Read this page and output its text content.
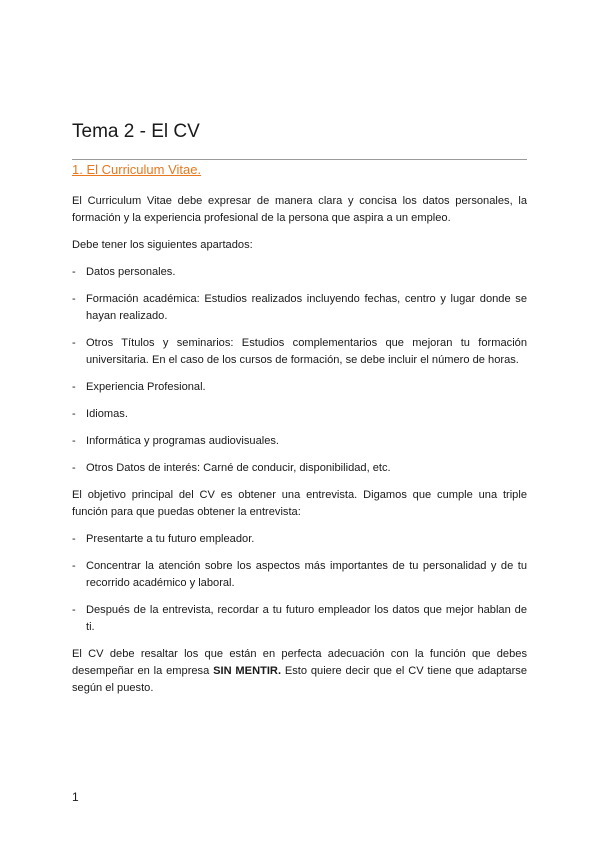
Tema 2 - El CV
1. El Curriculum Vitae.

El Curriculum Vitae debe expresar de manera clara y concisa los datos personales, la formación y la experiencia profesional de la persona que aspira a un empleo.

Debe tener los siguientes apartados:

- Datos personales.
- Formación académica: Estudios realizados incluyendo fechas, centro y lugar donde se hayan realizado.
- Otros Títulos y seminarios: Estudios complementarios que mejoran tu formación universitaria. En el caso de los cursos de formación, se debe incluir el número de horas.
- Experiencia Profesional.
- Idiomas.
- Informática y programas audiovisuales.
- Otros Datos de interés: Carné de conducir, disponibilidad, etc.

El objetivo principal del CV es obtener una entrevista. Digamos que cumple una triple función para que puedas obtener la entrevista:

- Presentarte a tu futuro empleador.
- Concentrar la atención sobre los aspectos más importantes de tu personalidad y de tu recorrido académico y laboral.
- Después de la entrevista, recordar a tu futuro empleador los datos que mejor hablan de ti.

El CV debe resaltar los que están en perfecta adecuación con la función que debes desempeñar en la empresa SIN MENTIR. Esto quiere decir que el CV tiene que adaptarse según el puesto.

1
